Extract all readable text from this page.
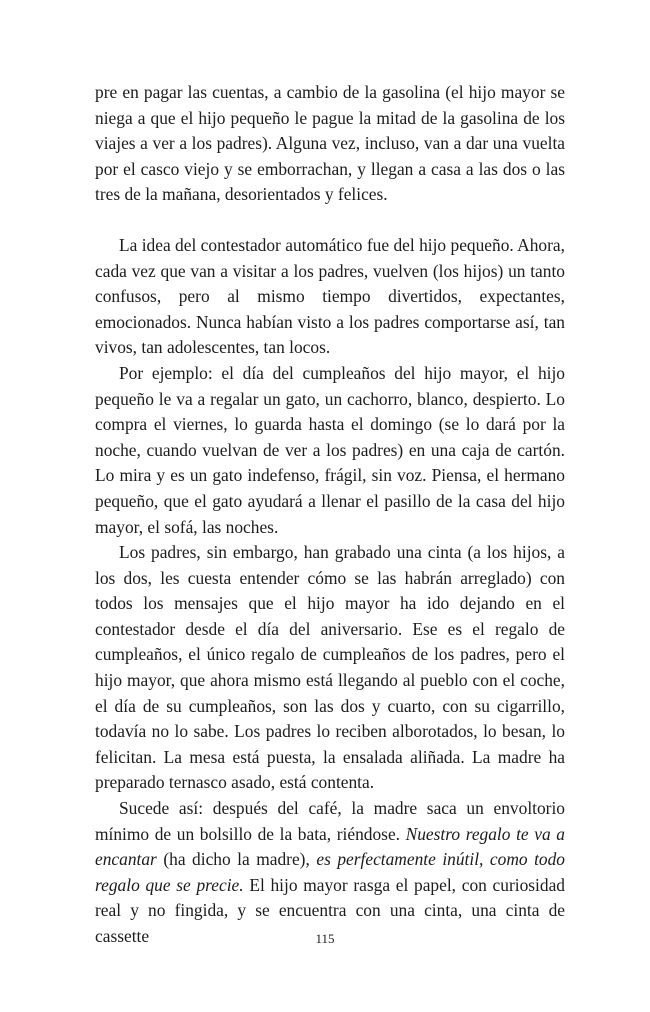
pre en pagar las cuentas, a cambio de la gasolina (el hijo mayor se niega a que el hijo pequeño le pague la mitad de la gasolina de los viajes a ver a los padres). Alguna vez, incluso, van a dar una vuelta por el casco viejo y se emborrachan, y llegan a casa a las dos o las tres de la mañana, desorientados y felices.

La idea del contestador automático fue del hijo pequeño. Ahora, cada vez que van a visitar a los padres, vuelven (los hijos) un tanto confusos, pero al mismo tiempo divertidos, expectantes, emocionados. Nunca habían visto a los padres comportarse así, tan vivos, tan adolescentes, tan locos.

Por ejemplo: el día del cumpleaños del hijo mayor, el hijo pequeño le va a regalar un gato, un cachorro, blanco, despierto. Lo compra el viernes, lo guarda hasta el domingo (se lo dará por la noche, cuando vuelvan de ver a los padres) en una caja de cartón. Lo mira y es un gato indefenso, frágil, sin voz. Piensa, el hermano pequeño, que el gato ayudará a llenar el pasillo de la casa del hijo mayor, el sofá, las noches.

Los padres, sin embargo, han grabado una cinta (a los hijos, a los dos, les cuesta entender cómo se las habrán arreglado) con todos los mensajes que el hijo mayor ha ido dejando en el contestador desde el día del aniversario. Ese es el regalo de cumpleaños, el único regalo de cumpleaños de los padres, pero el hijo mayor, que ahora mismo está llegando al pueblo con el coche, el día de su cumpleaños, son las dos y cuarto, con su cigarrillo, todavía no lo sabe. Los padres lo reciben alborotados, lo besan, lo felicitan. La mesa está puesta, la ensalada aliñada. La madre ha preparado ternasco asado, está contenta.

Sucede así: después del café, la madre saca un envoltorio mínimo de un bolsillo de la bata, riéndose. Nuestro regalo te va a encantar (ha dicho la madre), es perfectamente inútil, como todo regalo que se precie. El hijo mayor rasga el papel, con curiosidad real y no fingida, y se encuentra con una cinta, una cinta de cassette	115
